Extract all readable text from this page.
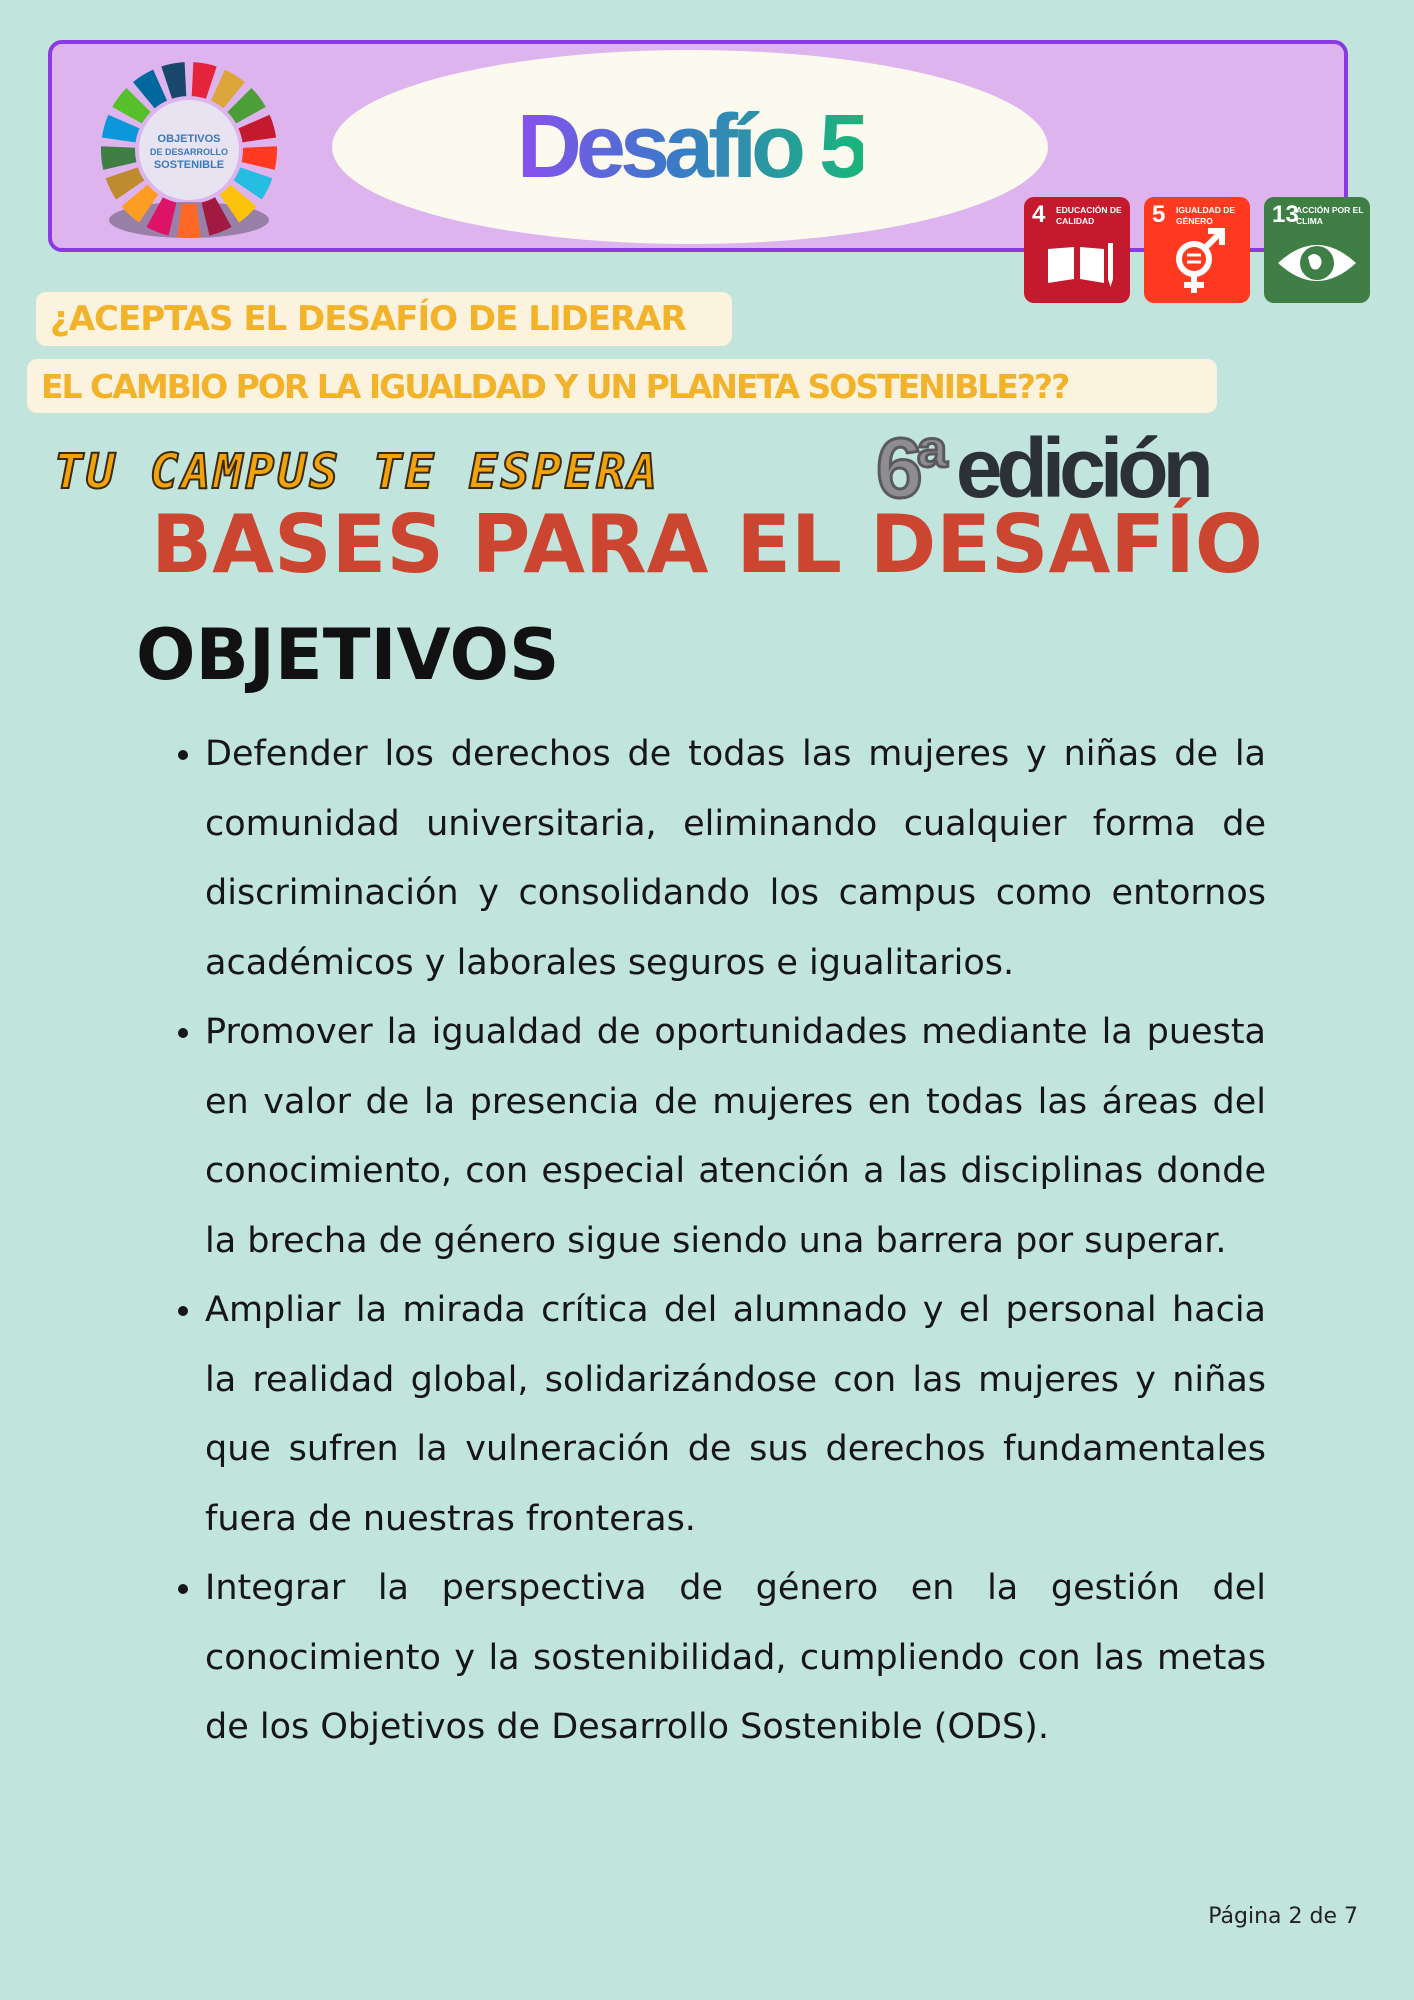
OBJETIVOS
DE DESARROLLO
SOSTENIBLE	Desafío 5
4 EDUCACIÓN DE CALIDAD	5 IGUALDAD DE GÉNERO	13
ACCIÓN POR EL CLIMA
¿ACEPTAS EL DESAFÍO DE LIDERAR
EL CAMBIO POR LA IGUALDAD Y UN PLANETA SOSTENIBLE???
TU CAMPUS TE ESPERA	6ª edición
BASES PARA EL DESAFÍO
OBJETIVOS
• Defender los derechos de todas las mujeres y niñas de la comunidad universitaria, eliminando cualquier forma de discriminación y consolidando los campus como entornos académicos y laborales seguros e igualitarios.
• Promover la igualdad de oportunidades mediante la puesta en valor de la presencia de mujeres en todas las áreas del conocimiento, con especial atención a las disciplinas donde la brecha de género sigue siendo una barrera por superar.
• Ampliar la mirada crítica del alumnado y el personal hacia la realidad global, solidarizándose con las mujeres y niñas que sufren la vulneración de sus derechos fundamentales fuera de nuestras fronteras.
• Integrar la perspectiva de género en la gestión del conocimiento y la sostenibilidad, cumpliendo con las metas de los Objetivos de Desarrollo Sostenible (ODS).
Página 2 de 7
